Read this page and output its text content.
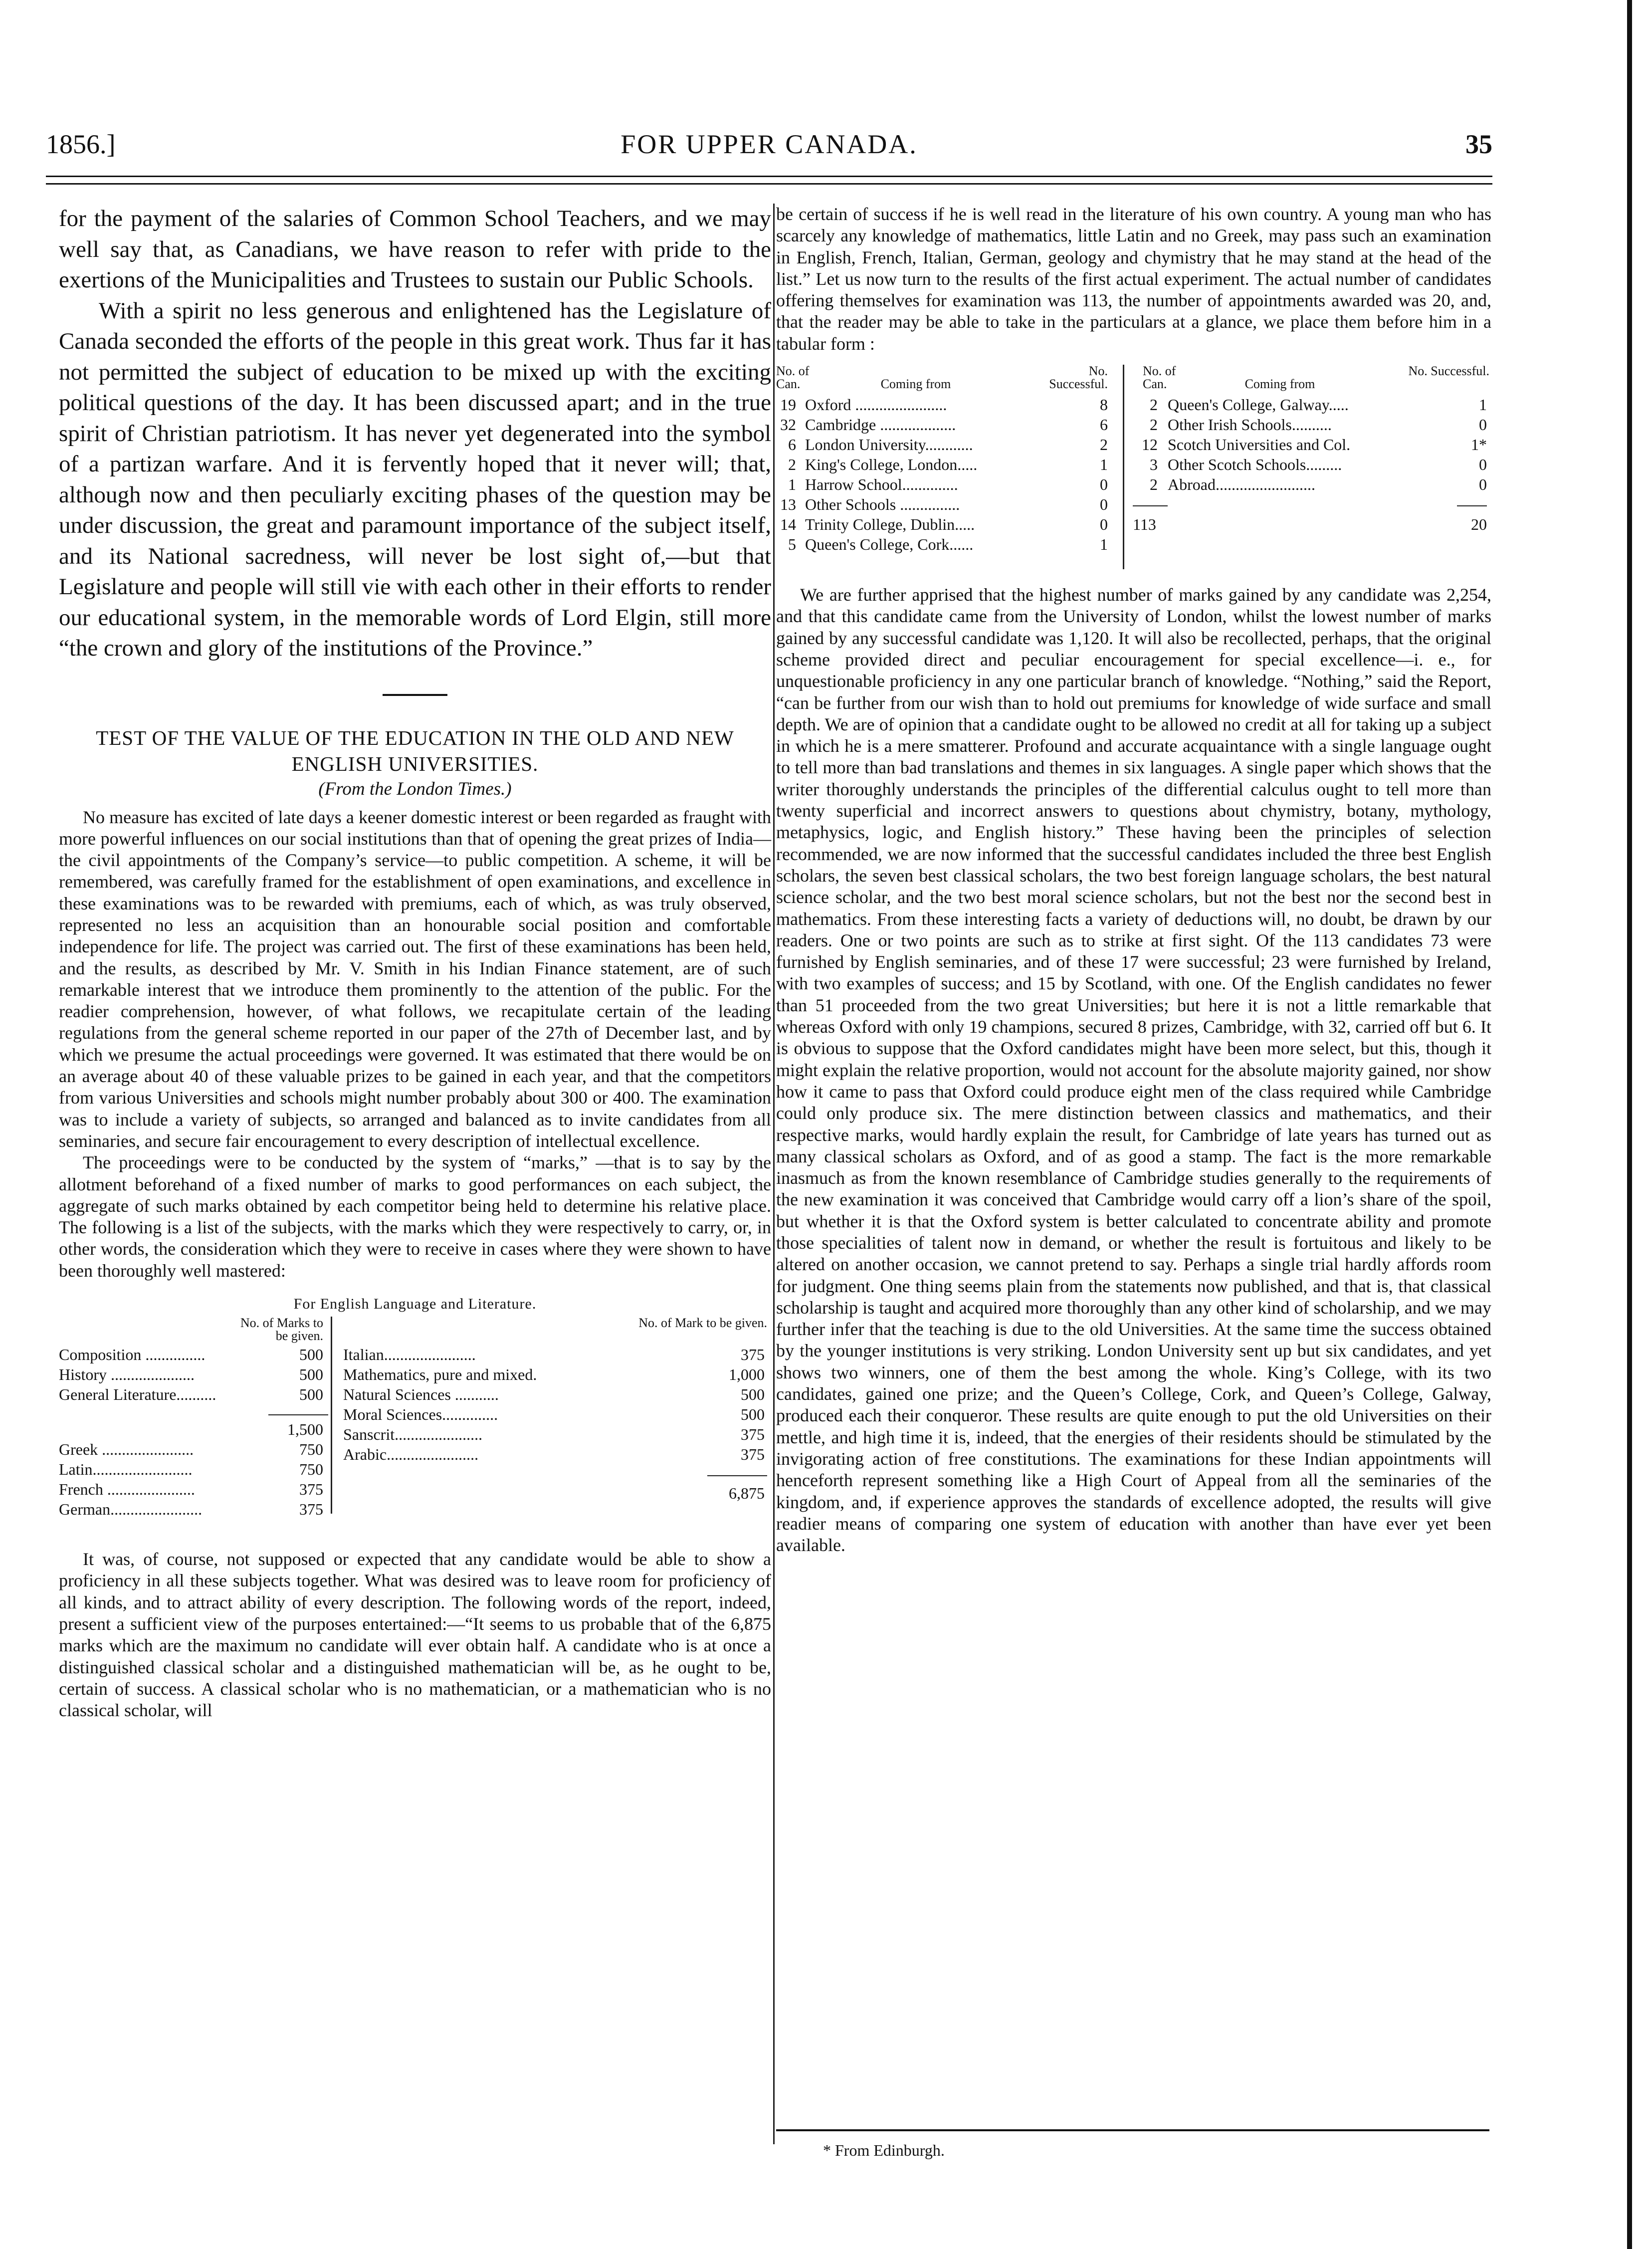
1856.]	FOR UPPER CANADA.	35

for the payment of the salaries of Common School Teachers, and we may well say that, as Canadians, we have reason to refer with pride to the exertions of the Municipalities and Trustees to sustain our Public Schools.

With a spirit no less generous and enlightened has the Legislature of Canada seconded the efforts of the people in this great work. Thus far it has not permitted the subject of education to be mixed up with the exciting political questions of the day. It has been discussed apart; and in the true spirit of Christian patriotism. It has never yet degenerated into the symbol of a partizan warfare. And it is fervently hoped that it never will; that, although now and then peculiarly exciting phases of the question may be under discussion, the great and paramount importance of the subject itself, and its National sacredness, will never be lost sight of,—but that Legislature and people will still vie with each other in their efforts to render our educational system, in the memorable words of Lord Elgin, still more “the crown and glory of the institutions of the Province.”

TEST OF THE VALUE OF THE EDUCATION IN THE OLD AND NEW ENGLISH UNIVERSITIES.
(From the London Times.)

No measure has excited of late days a keener domestic interest or been regarded as fraught with more powerful influences on our social institutions than that of opening the great prizes of India—the civil appointments of the Company’s service—to public competition. A scheme, it will be remembered, was carefully framed for the establishment of open examinations, and excellence in these examinations was to be rewarded with premiums, each of which, as was truly observed, represented no less an acquisition than an honourable social position and comfortable independence for life. The project was carried out. The first of these examinations has been held, and the results, as described by Mr. V. Smith in his Indian Finance statement, are of such remarkable interest that we introduce them prominently to the attention of the public. For the readier comprehension, however, of what follows, we recapitulate certain of the leading regulations from the general scheme reported in our paper of the 27th of December last, and by which we presume the actual proceedings were governed. It was estimated that there would be on an average about 40 of these valuable prizes to be gained in each year, and that the competitors from various Universities and schools might number probably about 300 or 400. The examination was to include a variety of subjects, so arranged and balanced as to invite candidates from all seminaries, and secure fair encouragement to every description of intellectual excellence.

The proceedings were to be conducted by the system of “marks,” —that is to say by the allotment beforehand of a fixed number of marks to good performances on each subject, the aggregate of such marks obtained by each competitor being held to determine his relative place. The following is a list of the subjects, with the marks which they were respectively to carry, or, in other words, the consideration which they were to receive in cases where they were shown to have been thoroughly well mastered:

For English Language and Literature.
No. of Marks to be given.
No. of Mark to be given.
Composition ...............	500
History .....................	500
General Literature..........	500
1,500
Greek .......................	750
Latin.........................	750
French ......................	375
German.......................	375
Italian.......................	375
Mathematics, pure and mixed.	1,000
Natural Sciences ...........	500
Moral Sciences..............	500
Sanscrit......................	375
Arabic.......................	375
6,875

It was, of course, not supposed or expected that any candidate would be able to show a proficiency in all these subjects together. What was desired was to leave room for proficiency of all kinds, and to attract ability of every description. The following words of the report, indeed, present a sufficient view of the purposes entertained:—“It seems to us probable that of the 6,875 marks which are the maximum no candidate will ever obtain half. A candidate who is at once a distinguished classical scholar and a distinguished mathematician will be, as he ought to be, certain of success. A classical scholar who is no mathematician, or a mathematician who is no classical scholar, will

be certain of success if he is well read in the literature of his own country. A young man who has scarcely any knowledge of mathematics, little Latin and no Greek, may pass such an examination in English, French, Italian, German, geology and chymistry that he may stand at the head of the list.” Let us now turn to the results of the first actual experiment. The actual number of candidates offering themselves for examination was 113, the number of appointments awarded was 20, and, that the reader may be able to take in the particulars at a glance, we place them before him in a tabular form :

No. of Can.	Coming from
No. Successful.
No. of Can.	Coming from
No. Successful.
19 Oxford .......................	8
32 Cambridge ...................	6
6 London University............	2
2 King's College, London.....	1
1 Harrow School..............	0
13 Other Schools ...............	0
14 Trinity College, Dublin.....	0
5 Queen's College, Cork......	1
2 Queen's College, Galway.....	1
2 Other Irish Schools..........	0
12 Scotch Universities and Col.	1*
3 Other Scotch Schools.........	0
2 Abroad.........................	0
113	20

We are further apprised that the highest number of marks gained by any candidate was 2,254, and that this candidate came from the University of London, whilst the lowest number of marks gained by any successful candidate was 1,120. It will also be recollected, perhaps, that the original scheme provided direct and peculiar encouragement for special excellence—i. e., for unquestionable proficiency in any one particular branch of knowledge. “Nothing,” said the Report, “can be further from our wish than to hold out premiums for knowledge of wide surface and small depth. We are of opinion that a candidate ought to be allowed no credit at all for taking up a subject in which he is a mere smatterer. Profound and accurate acquaintance with a single language ought to tell more than bad translations and themes in six languages. A single paper which shows that the writer thoroughly understands the principles of the differential calculus ought to tell more than twenty superficial and incorrect answers to questions about chymistry, botany, mythology, metaphysics, logic, and English history.” These having been the principles of selection recommended, we are now informed that the successful candidates included the three best English scholars, the seven best classical scholars, the two best foreign language scholars, the best natural science scholar, and the two best moral science scholars, but not the best nor the second best in mathematics. From these interesting facts a variety of deductions will, no doubt, be drawn by our readers. One or two points are such as to strike at first sight. Of the 113 candidates 73 were furnished by English seminaries, and of these 17 were successful; 23 were furnished by Ireland, with two examples of success; and 15 by Scotland, with one. Of the English candidates no fewer than 51 proceeded from the two great Universities; but here it is not a little remarkable that whereas Oxford with only 19 champions, secured 8 prizes, Cambridge, with 32, carried off but 6. It is obvious to suppose that the Oxford candidates might have been more select, but this, though it might explain the relative proportion, would not account for the absolute majority gained, nor show how it came to pass that Oxford could produce eight men of the class required while Cambridge could only produce six. The mere distinction between classics and mathematics, and their respective marks, would hardly explain the result, for Cambridge of late years has turned out as many classical scholars as Oxford, and of as good a stamp. The fact is the more remarkable inasmuch as from the known resemblance of Cambridge studies generally to the requirements of the new examination it was conceived that Cambridge would carry off a lion’s share of the spoil, but whether it is that the Oxford system is better calculated to concentrate ability and promote those specialities of talent now in demand, or whether the result is fortuitous and likely to be altered on another occasion, we cannot pretend to say. Perhaps a single trial hardly affords room for judgment. One thing seems plain from the statements now published, and that is, that classical scholarship is taught and acquired more thoroughly than any other kind of scholarship, and we may further infer that the teaching is due to the old Universities. At the same time the success obtained by the younger institutions is very striking. London University sent up but six candidates, and yet shows two winners, one of them the best among the whole. King’s College, with its two candidates, gained one prize; and the Queen’s College, Cork, and Queen’s College, Galway, produced each their conqueror. These results are quite enough to put the old Universities on their mettle, and high time it is, indeed, that the energies of their residents should be stimulated by the invigorating action of free constitutions. The examinations for these Indian appointments will henceforth represent something like a High Court of Appeal from all the seminaries of the kingdom, and, if experience approves the standards of excellence adopted, the results will give readier means of comparing one system of education with another than have ever yet been available.

* From Edinburgh.
